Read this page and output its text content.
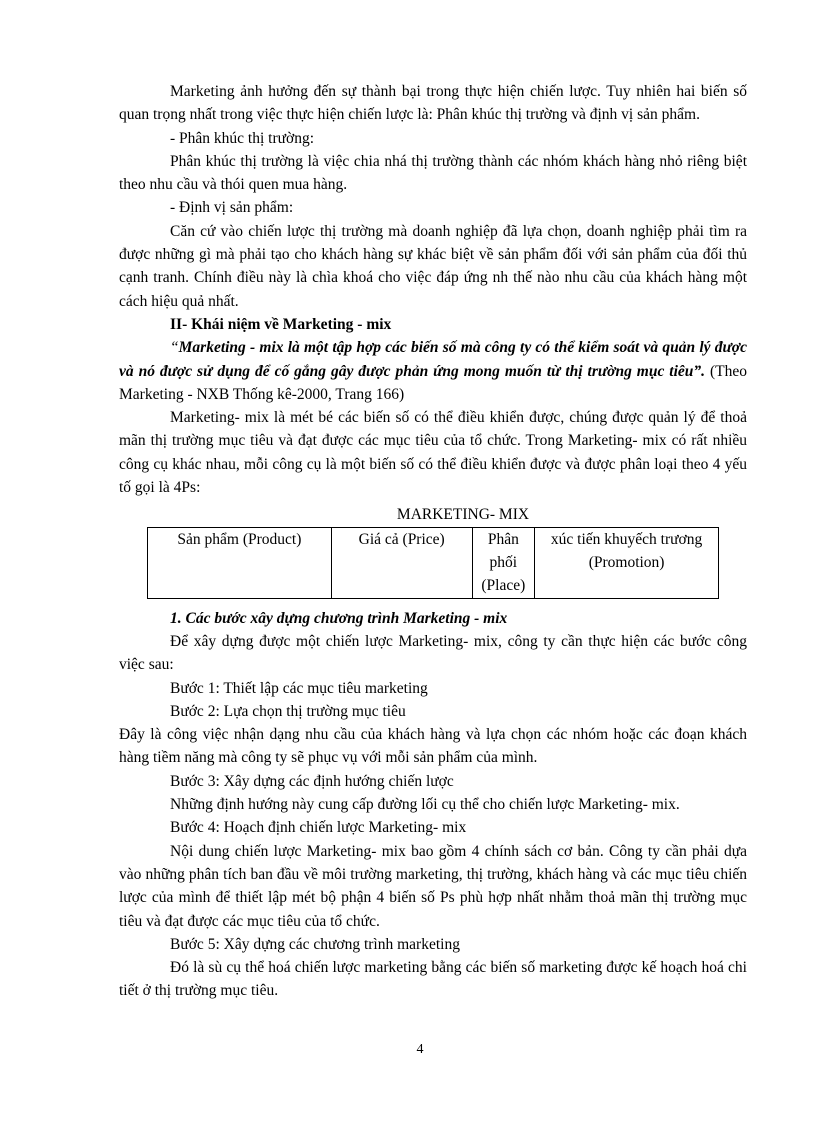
Marketing ảnh hưởng đến sự thành bại trong thực hiện chiến lược. Tuy nhiên hai biến số quan trọng nhất trong việc thực hiện chiến lược là: Phân khúc thị trường và định vị sản phẩm.

- Phân khúc thị trường:

Phân khúc thị trường là việc chia nhá thị trường thành các nhóm khách hàng nhỏ riêng biệt theo nhu cầu và thói quen mua hàng.

- Định vị sản phẩm:

Căn cứ vào chiến lược thị trường mà doanh nghiệp đã lựa chọn, doanh nghiệp phải tìm ra được những gì mà phải tạo cho khách hàng sự khác biệt về sản phẩm đối với sản phẩm của đối thủ cạnh tranh. Chính điều này là chìa khoá cho việc đáp ứng nh thế nào nhu cầu của khách hàng một cách hiệu quả nhất.

II- Khái niệm về Marketing - mix

“Marketing - mix là một tập hợp các biến số mà công ty có thể kiểm soát và quản lý được và nó được sử dụng để cố gắng gây được phản ứng mong muốn từ thị trường mục tiêu”. (Theo Marketing - NXB Thống kê-2000, Trang 166)

Marketing- mix là mét bé các biến số có thể điều khiển được, chúng được quản lý để thoả mãn thị trường mục tiêu và đạt được các mục tiêu của tổ chức. Trong Marketing- mix có rất nhiều công cụ khác nhau, mỗi công cụ là một biến số có thể điều khiển được và được phân loại theo 4 yếu tố gọi là 4Ps:

MARKETING- MIX

Sản phẩm (Product)	Giá cả (Price)	Phân phối (Place)	xúc tiến khuyếch trương (Promotion)

1. Các bước xây dựng chương trình Marketing - mix

Để xây dựng được một chiến lược Marketing- mix, công ty cần thực hiện các bước công việc sau:

Bước 1: Thiết lập các mục tiêu marketing

Bước 2: Lựa chọn thị trường mục tiêu

Đây là công việc nhận dạng nhu cầu của khách hàng và lựa chọn các nhóm hoặc các đoạn khách hàng tiềm năng mà công ty sẽ phục vụ với mỗi sản phẩm của mình.

Bước 3: Xây dựng các định hướng chiến lược

Những định hướng này cung cấp đường lối cụ thể cho chiến lược Marketing- mix.

Bước 4: Hoạch định chiến lược Marketing- mix

Nội dung chiến lược Marketing- mix bao gồm 4 chính sách cơ bản. Công ty cần phải dựa vào những phân tích ban đầu về môi trường marketing, thị trường, khách hàng và các mục tiêu chiến lược của mình để thiết lập mét bộ phận 4 biến số Ps phù hợp nhất nhằm thoả mãn thị trường mục tiêu và đạt được các mục tiêu của tổ chức.

Bước 5: Xây dựng các chương trình marketing

Đó là sù cụ thể hoá chiến lược marketing bằng các biến số marketing được kế hoạch hoá chi tiết ở thị trường mục tiêu.

4
